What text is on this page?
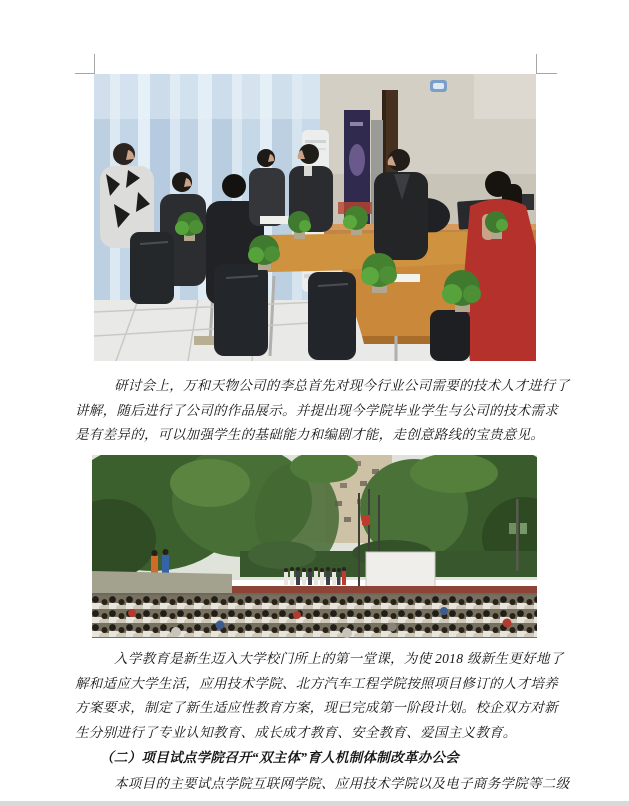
研讨会上，万和天物公司的李总首先对现今行业公司需要的技术人才进行了
讲解，随后进行了公司的作品展示。并提出现今学院毕业学生与公司的技术需求
是有差异的，可以加强学生的基础能力和编剧才能，走创意路线的宝贵意见。
入学教育是新生迈入大学校门所上的第一堂课，为使 2018 级新生更好地了
解和适应大学生活，应用技术学院、北方汽车工程学院按照项目修订的人才培养
方案要求，制定了新生适应性教育方案，现已完成第一阶段计划。校企双方对新
生分别进行了专业认知教育、成长成才教育、安全教育、爱国主义教育。
（二）项目试点学院召开“双主体”育人机制体制改革办公会
本项目的主要试点学院互联网学院、应用技术学院以及电子商务学院等二级
